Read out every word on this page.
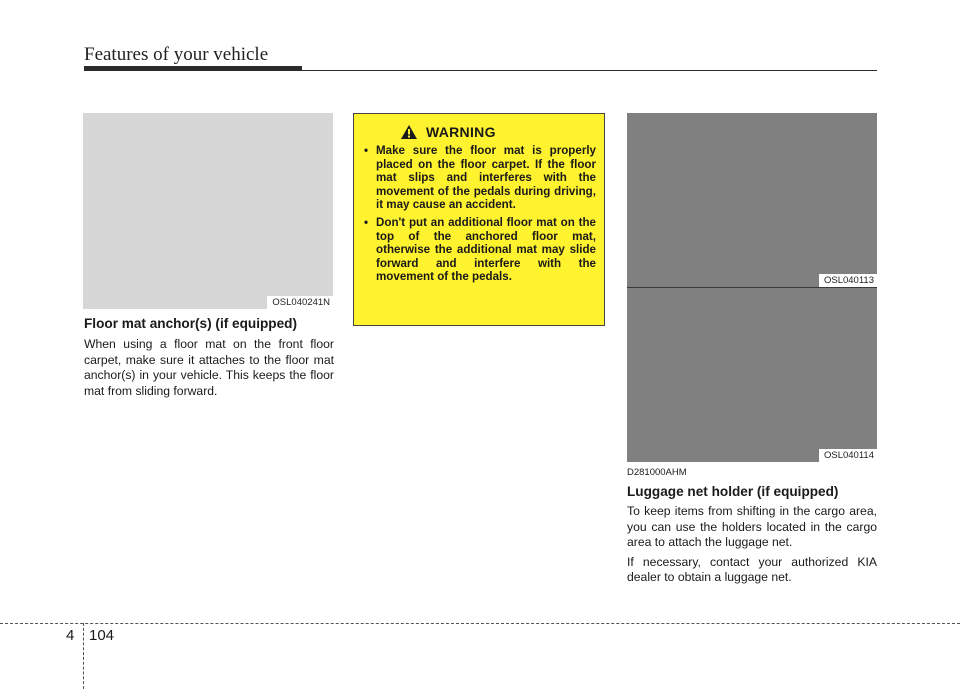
Features of your vehicle
OSL040241N
Floor mat anchor(s) (if equipped)

When using a floor mat on the front floor carpet, make sure it attaches to the floor mat anchor(s) in your vehicle. This keeps the floor mat from sliding forward.

WARNING
• Make sure the floor mat is properly placed on the floor carpet. If the floor mat slips and interferes with the movement of the pedals during driving, it may cause an accident.
• Don't put an additional floor mat on the top of the anchored floor mat, otherwise the additional mat may slide forward and interfere with the movement of the pedals.	OSL040113
OSL040114
D281000AHM
Luggage net holder (if equipped)

To keep items from shifting in the cargo area, you can use the holders located in the cargo area to attach the luggage net.

If necessary, contact your authorized KIA dealer to obtain a luggage net.

4 104
